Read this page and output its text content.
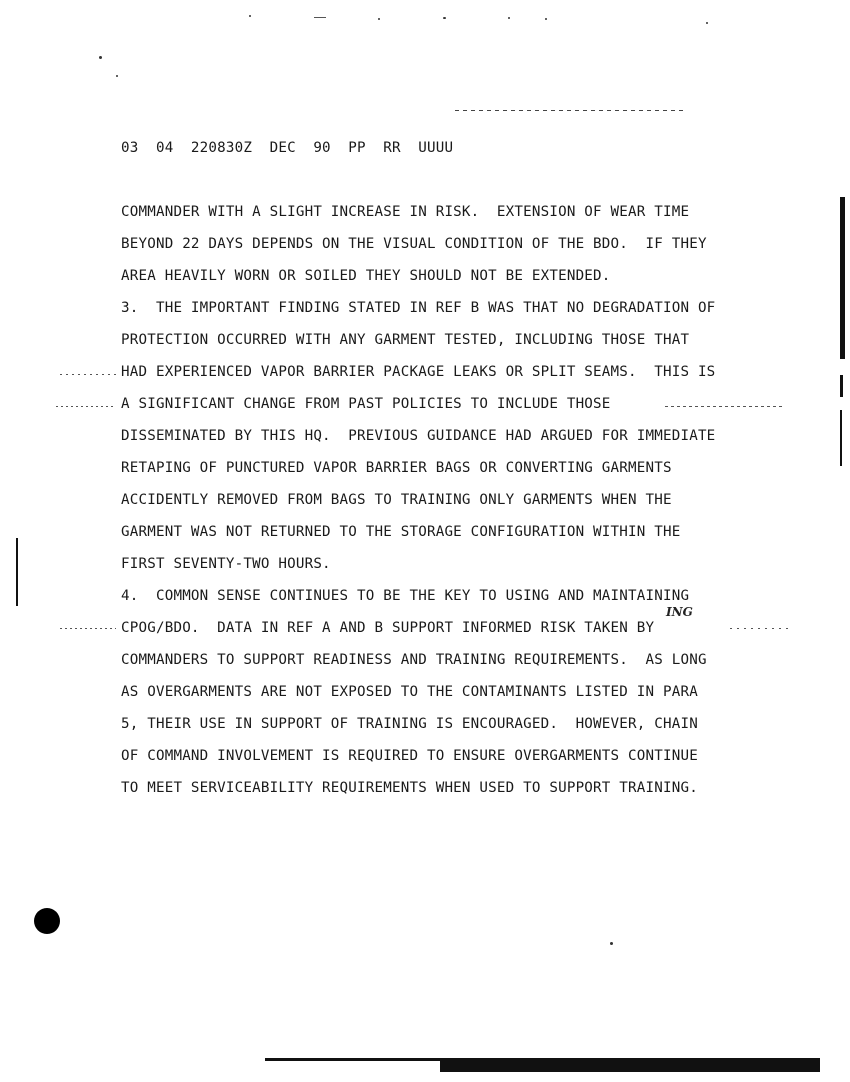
03  04  220830Z  DEC  90  PP  RR  UUUU
COMMANDER WITH A SLIGHT INCREASE IN RISK.  EXTENSION OF WEAR TIME
BEYOND 22 DAYS DEPENDS ON THE VISUAL CONDITION OF THE BDO.  IF THEY
AREA HEAVILY WORN OR SOILED THEY SHOULD NOT BE EXTENDED.
3.  THE IMPORTANT FINDING STATED IN REF B WAS THAT NO DEGRADATION OF
PROTECTION OCCURRED WITH ANY GARMENT TESTED, INCLUDING THOSE THAT
HAD EXPERIENCED VAPOR BARRIER PACKAGE LEAKS OR SPLIT SEAMS.  THIS IS
A SIGNIFICANT CHANGE FROM PAST POLICIES TO INCLUDE THOSE
DISSEMINATED BY THIS HQ.  PREVIOUS GUIDANCE HAD ARGUED FOR IMMEDIATE
RETAPING OF PUNCTURED VAPOR BARRIER BAGS OR CONVERTING GARMENTS
ACCIDENTLY REMOVED FROM BAGS TO TRAINING ONLY GARMENTS WHEN THE
GARMENT WAS NOT RETURNED TO THE STORAGE CONFIGURATION WITHIN THE
FIRST SEVENTY-TWO HOURS.
4.  COMMON SENSE CONTINUES TO BE THE KEY TO USING AND MAINTAINING
CPOG/BDO.  DATA IN REF A AND B SUPPORT INFORMED RISK TAKEN BY
COMMANDERS TO SUPPORT READINESS AND TRAINING REQUIREMENTS.  AS LONG
AS OVERGARMENTS ARE NOT EXPOSED TO THE CONTAMINANTS LISTED IN PARA
5, THEIR USE IN SUPPORT OF TRAINING IS ENCOURAGED.  HOWEVER, CHAIN
OF COMMAND INVOLVEMENT IS REQUIRED TO ENSURE OVERGARMENTS CONTINUE
TO MEET SERVICEABILITY REQUIREMENTS WHEN USED TO SUPPORT TRAINING.
ING
